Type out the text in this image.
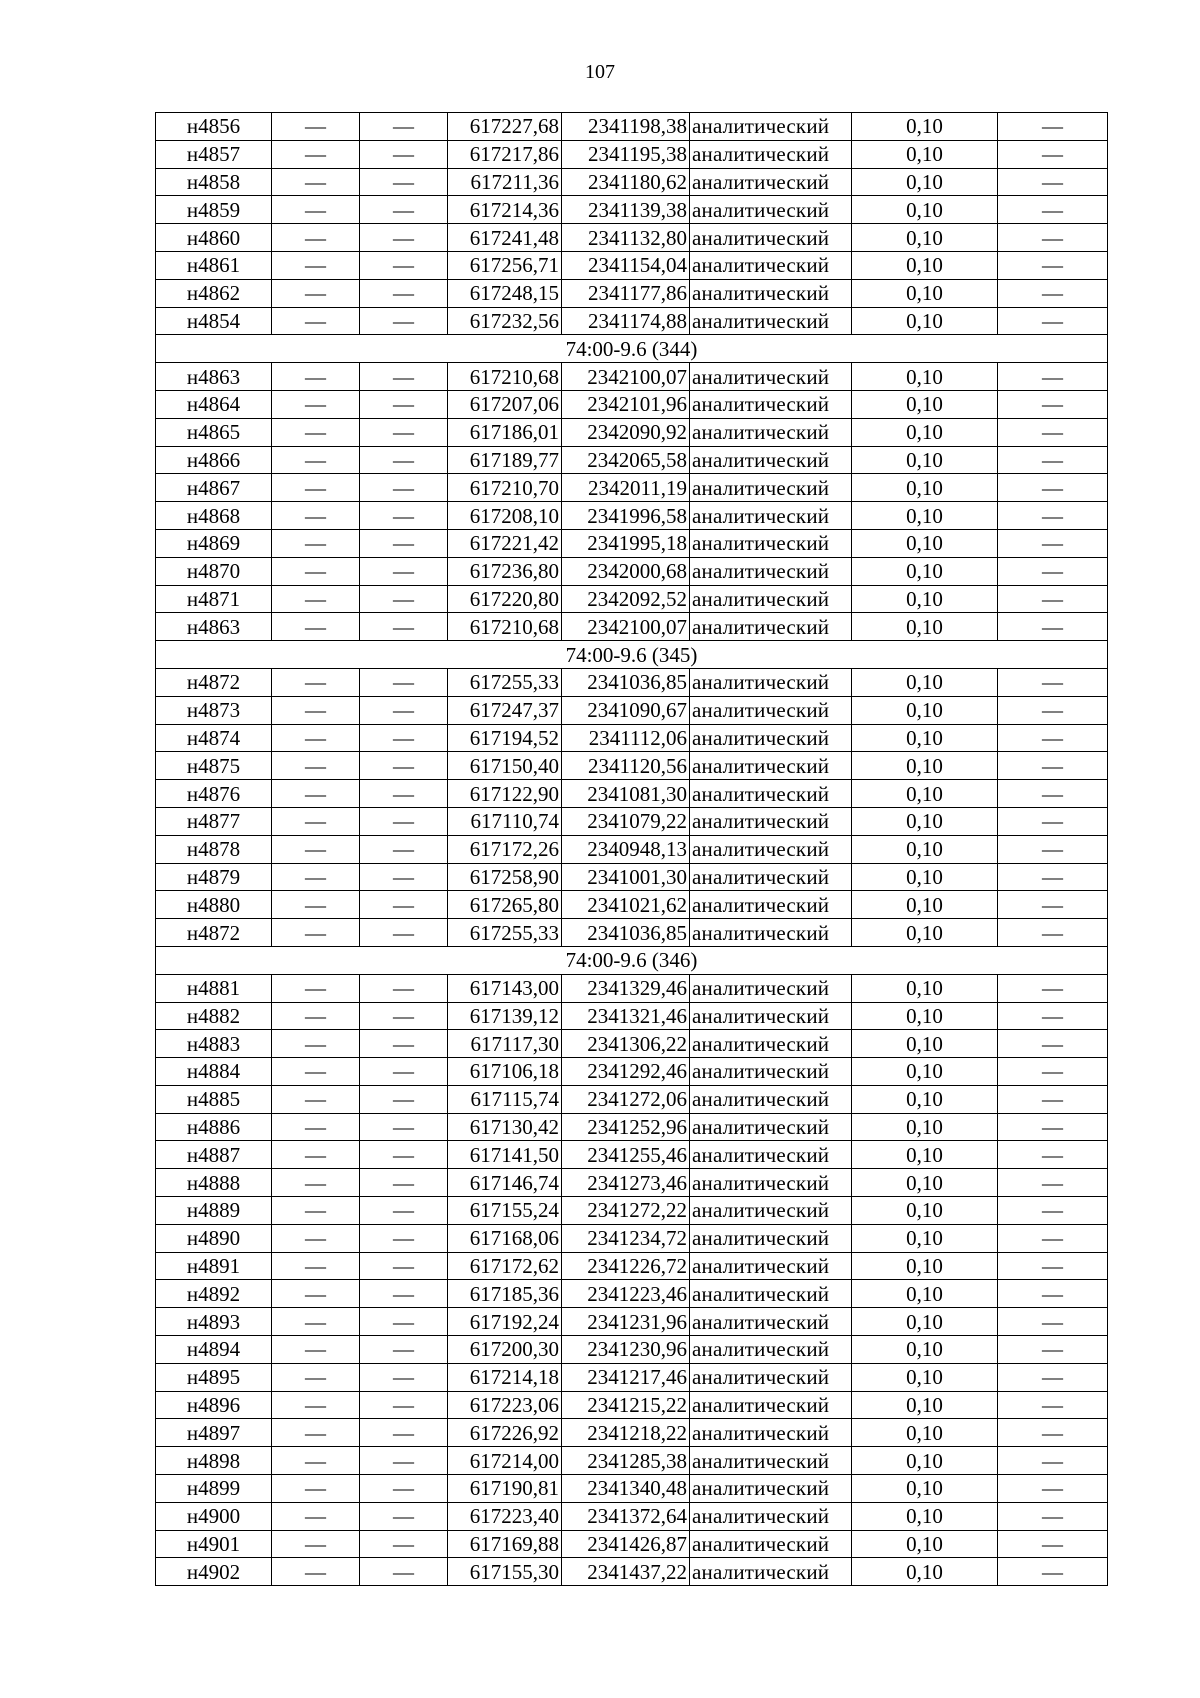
107
н4856	—	—	617227,68	2341198,38	аналитический	0,10	—
н4857	—	—	617217,86	2341195,38	аналитический	0,10	—
н4858	—	—	617211,36	2341180,62	аналитический	0,10	—
н4859	—	—	617214,36	2341139,38	аналитический	0,10	—
н4860	—	—	617241,48	2341132,80	аналитический	0,10	—
н4861	—	—	617256,71	2341154,04	аналитический	0,10	—
н4862	—	—	617248,15	2341177,86	аналитический	0,10	—
н4854	—	—	617232,56	2341174,88	аналитический	0,10	—
74:00-9.6 (344)							
н4863	—	—	617210,68	2342100,07	аналитический	0,10	—
н4864	—	—	617207,06	2342101,96	аналитический	0,10	—
н4865	—	—	617186,01	2342090,92	аналитический	0,10	—
н4866	—	—	617189,77	2342065,58	аналитический	0,10	—
н4867	—	—	617210,70	2342011,19	аналитический	0,10	—
н4868	—	—	617208,10	2341996,58	аналитический	0,10	—
н4869	—	—	617221,42	2341995,18	аналитический	0,10	—
н4870	—	—	617236,80	2342000,68	аналитический	0,10	—
н4871	—	—	617220,80	2342092,52	аналитический	0,10	—
н4863	—	—	617210,68	2342100,07	аналитический	0,10	—
74:00-9.6 (345)							
н4872	—	—	617255,33	2341036,85	аналитический	0,10	—
н4873	—	—	617247,37	2341090,67	аналитический	0,10	—
н4874	—	—	617194,52	2341112,06	аналитический	0,10	—
н4875	—	—	617150,40	2341120,56	аналитический	0,10	—
н4876	—	—	617122,90	2341081,30	аналитический	0,10	—
н4877	—	—	617110,74	2341079,22	аналитический	0,10	—
н4878	—	—	617172,26	2340948,13	аналитический	0,10	—
н4879	—	—	617258,90	2341001,30	аналитический	0,10	—
н4880	—	—	617265,80	2341021,62	аналитический	0,10	—
н4872	—	—	617255,33	2341036,85	аналитический	0,10	—
74:00-9.6 (346)							
н4881	—	—	617143,00	2341329,46	аналитический	0,10	—
н4882	—	—	617139,12	2341321,46	аналитический	0,10	—
н4883	—	—	617117,30	2341306,22	аналитический	0,10	—
н4884	—	—	617106,18	2341292,46	аналитический	0,10	—
н4885	—	—	617115,74	2341272,06	аналитический	0,10	—
н4886	—	—	617130,42	2341252,96	аналитический	0,10	—
н4887	—	—	617141,50	2341255,46	аналитический	0,10	—
н4888	—	—	617146,74	2341273,46	аналитический	0,10	—
н4889	—	—	617155,24	2341272,22	аналитический	0,10	—
н4890	—	—	617168,06	2341234,72	аналитический	0,10	—
н4891	—	—	617172,62	2341226,72	аналитический	0,10	—
н4892	—	—	617185,36	2341223,46	аналитический	0,10	—
н4893	—	—	617192,24	2341231,96	аналитический	0,10	—
н4894	—	—	617200,30	2341230,96	аналитический	0,10	—
н4895	—	—	617214,18	2341217,46	аналитический	0,10	—
н4896	—	—	617223,06	2341215,22	аналитический	0,10	—
н4897	—	—	617226,92	2341218,22	аналитический	0,10	—
н4898	—	—	617214,00	2341285,38	аналитический	0,10	—
н4899	—	—	617190,81	2341340,48	аналитический	0,10	—
н4900	—	—	617223,40	2341372,64	аналитический	0,10	—
н4901	—	—	617169,88	2341426,87	аналитический	0,10	—
н4902	—	—	617155,30	2341437,22	аналитический	0,10	—
